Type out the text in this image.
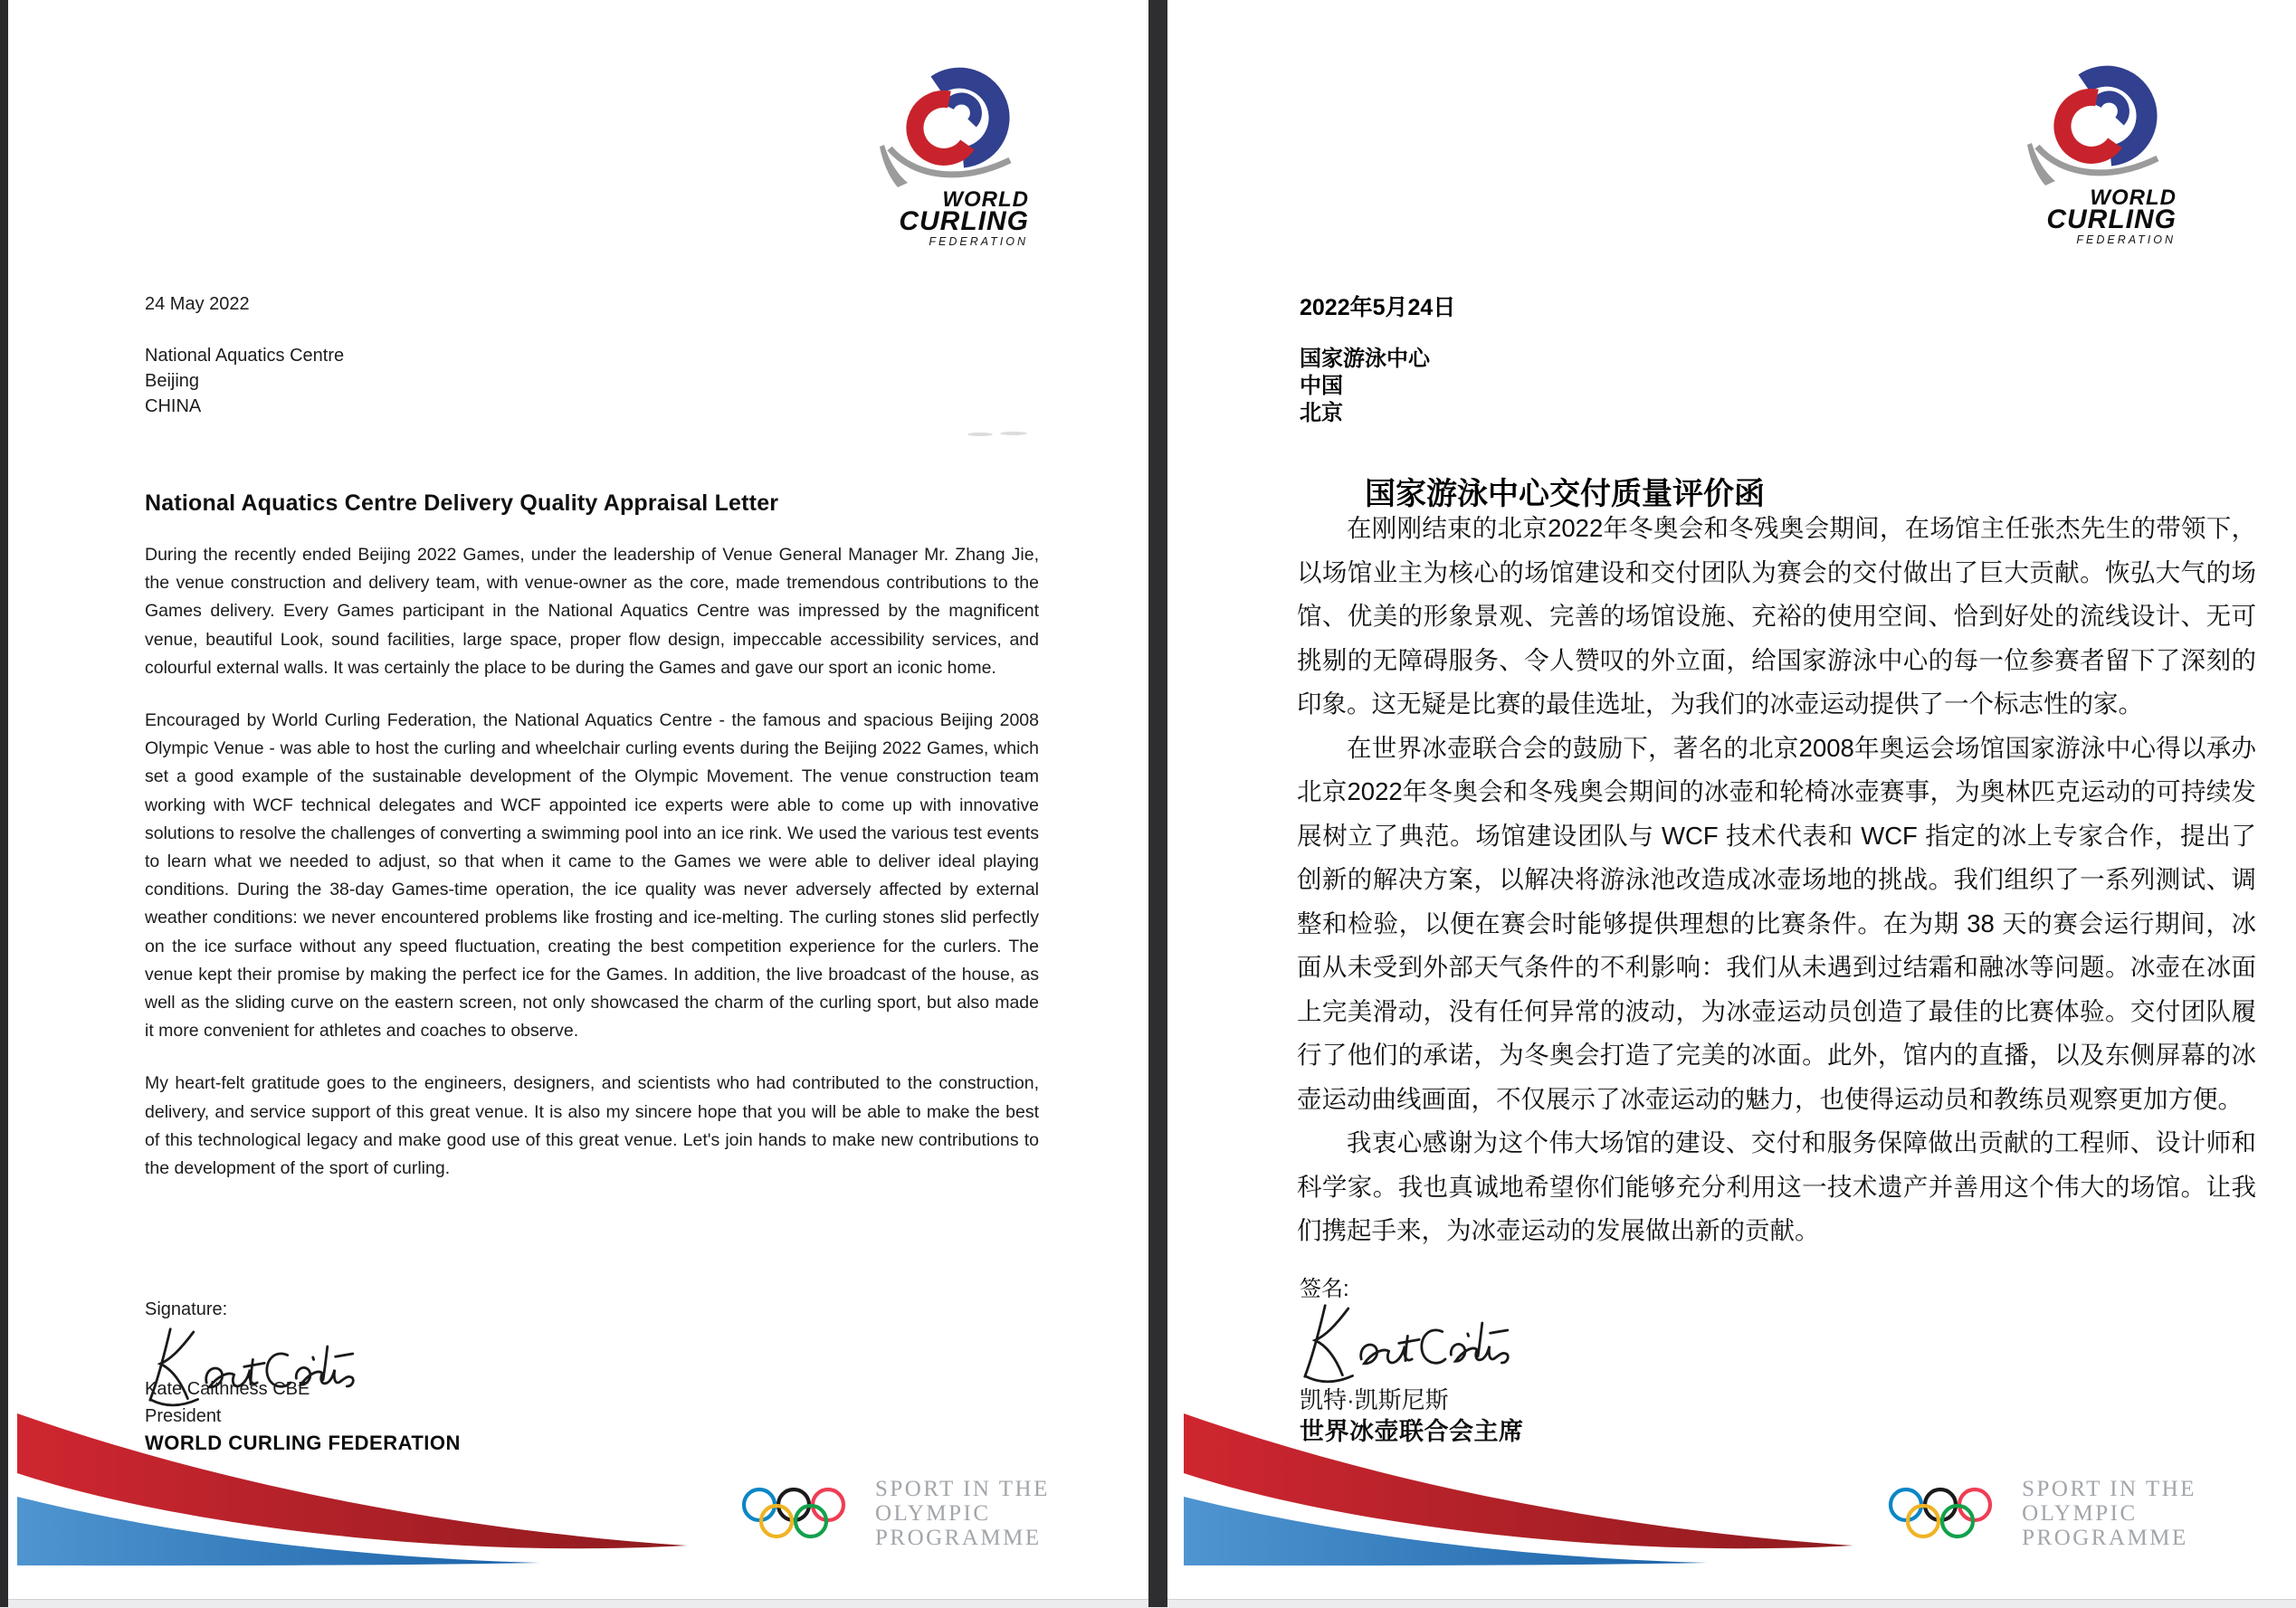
WORLD
CURLING
FEDERATION
24 May 2022
National Aquatics Centre
Beijing
CHINA
National Aquatics Centre Delivery Quality Appraisal Letter

During the recently ended Beijing 2022 Games, under the leadership of Venue General Manager Mr. Zhang Jie, the venue construction and delivery team, with venue-owner as the core, made tremendous contributions to the Games delivery. Every Games participant in the National Aquatics Centre was impressed by the magnificent venue, beautiful Look, sound facilities, large space, proper flow design, impeccable accessibility services, and colourful external walls. It was certainly the place to be during the Games and gave our sport an iconic home.

Encouraged by World Curling Federation, the National Aquatics Centre - the famous and spacious Beijing 2008 Olympic Venue - was able to host the curling and wheelchair curling events during the Beijing 2022 Games, which set a good example of the sustainable development of the Olympic Movement. The venue construction team working with WCF technical delegates and WCF appointed ice experts were able to come up with innovative solutions to resolve the challenges of converting a swimming pool into an ice rink. We used the various test events to learn what we needed to adjust, so that when it came to the Games we were able to deliver ideal playing conditions. During the 38-day Games-time operation, the ice quality was never adversely affected by external weather conditions: we never encountered problems like frosting and ice-melting. The curling stones slid perfectly on the ice surface without any speed fluctuation, creating the best competition experience for the curlers. The venue kept their promise by making the perfect ice for the Games. In addition, the live broadcast of the house, as well as the sliding curve on the eastern screen, not only showcased the charm of the curling sport, but also made it more convenient for athletes and coaches to observe.

My heart-felt gratitude goes to the engineers, designers, and scientists who had contributed to the construction, delivery, and service support of this great venue. It is also my sincere hope that you will be able to make the best of this technological legacy and make good use of this great venue. Let's join hands to make new contributions to the development of the sport of curling.

Signature:
Kate Caithness CBE
President
WORLD CURLING FEDERATION
SPORT IN THE
OLYMPIC
PROGRAMME
WORLD
CURLING
FEDERATION
2022年5月24日
国家游泳中心
中国
北京
国家游泳中心交付质量评价函

在刚刚结束的北京2022年冬奥会和冬残奥会期间，在场馆主任张杰先生的带领下，以场馆业主为核心的场馆建设和交付团队为赛会的交付做出了巨大贡献。恢弘大气的场馆、优美的形象景观、完善的场馆设施、充裕的使用空间、恰到好处的流线设计、无可挑剔的无障碍服务、令人赞叹的外立面，给国家游泳中心的每一位参赛者留下了深刻的印象。这无疑是比赛的最佳选址，为我们的冰壶运动提供了一个标志性的家。

在世界冰壶联合会的鼓励下，著名的北京2008年奥运会场馆国家游泳中心得以承办北京2022年冬奥会和冬残奥会期间的冰壶和轮椅冰壶赛事，为奥林匹克运动的可持续发展树立了典范。场馆建设团队与 WCF 技术代表和 WCF 指定的冰上专家合作，提出了创新的解决方案，以解决将游泳池改造成冰壶场地的挑战。我们组织了一系列测试、调整和检验，以便在赛会时能够提供理想的比赛条件。在为期 38 天的赛会运行期间，冰面从未受到外部天气条件的不利影响：我们从未遇到过结霜和融冰等问题。冰壶在冰面上完美滑动，没有任何异常的波动，为冰壶运动员创造了最佳的比赛体验。交付团队履行了他们的承诺，为冬奥会打造了完美的冰面。此外，馆内的直播，以及东侧屏幕的冰壶运动曲线画面，不仅展示了冰壶运动的魅力，也使得运动员和教练员观察更加方便。

我衷心感谢为这个伟大场馆的建设、交付和服务保障做出贡献的工程师、设计师和科学家。我也真诚地希望你们能够充分利用这一技术遗产并善用这个伟大的场馆。让我们携起手来，为冰壶运动的发展做出新的贡献。

签名:
凯特·凯斯尼斯
世界冰壶联合会主席
SPORT IN THE
OLYMPIC
PROGRAMME
